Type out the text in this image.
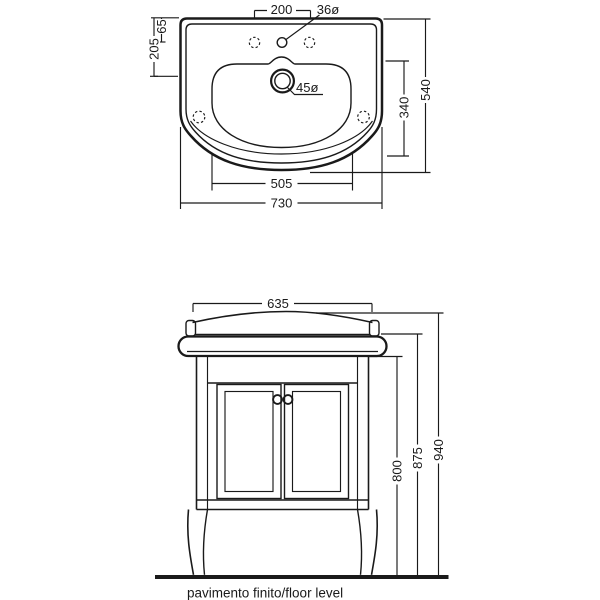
200 36ø
65
205
45ø
340
540
505
730
pavimento finito/floor level
635
800
875 940
